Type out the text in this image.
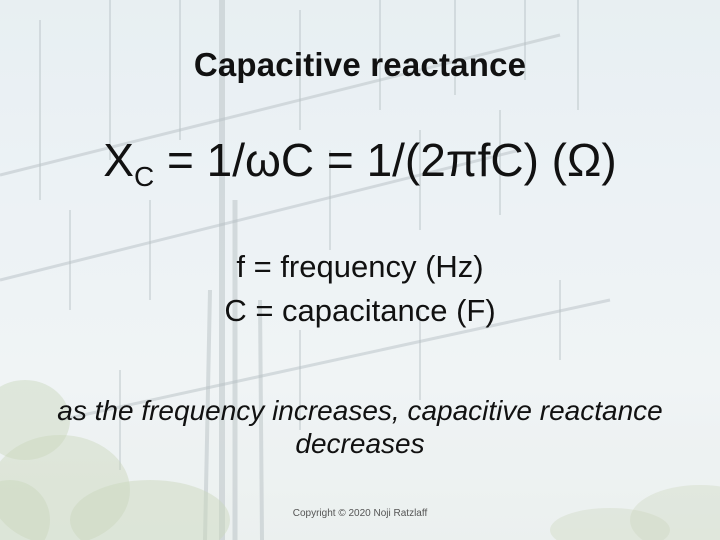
Capacitive reactance
$X_C = 1/\omega C = 1/(2\pi fC)$ (Ω)
f = frequency (Hz)
C = capacitance (F)
as the frequency increases, capacitive reactance decreases
Copyright © 2020 Noji Ratzlaff
